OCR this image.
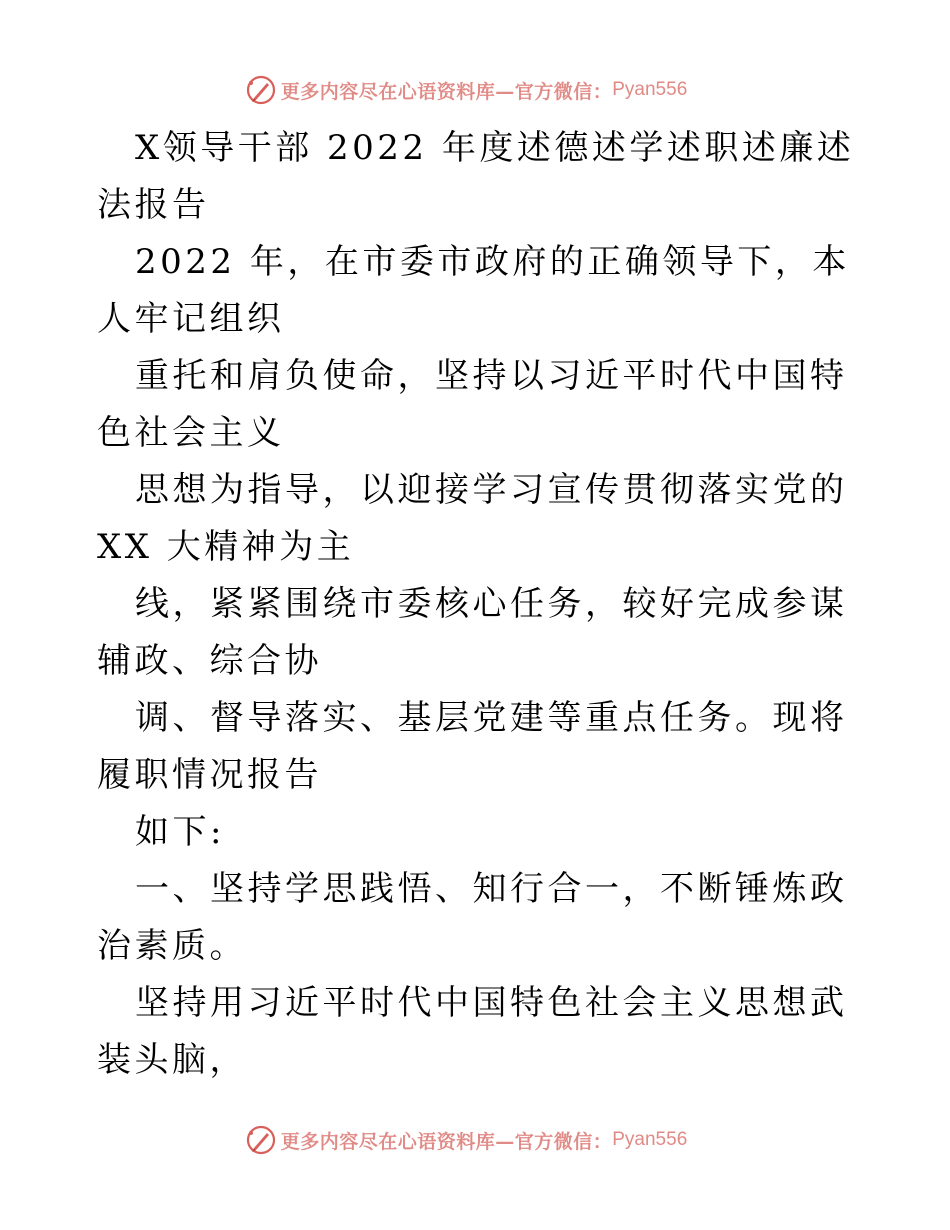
更多内容尽在心语资料库—官方微信： Pyan556

X领导干部 2022 年度述德述学述职述廉述法报告

2022 年，在市委市政府的正确领导下，本人牢记组织

重托和肩负使命，坚持以习近平时代中国特色社会主义

思想为指导，以迎接学习宣传贯彻落实党的 XX 大精神为主

线，紧紧围绕市委核心任务，较好完成参谋辅政、综合协

调、督导落实、基层党建等重点任务。现将履职情况报告

如下:

一、坚持学思践悟、知行合一，不断锤炼政治素质。

坚持用习近平时代中国特色社会主义思想武装头脑，

更多内容尽在心语资料库—官方微信： Pyan556
